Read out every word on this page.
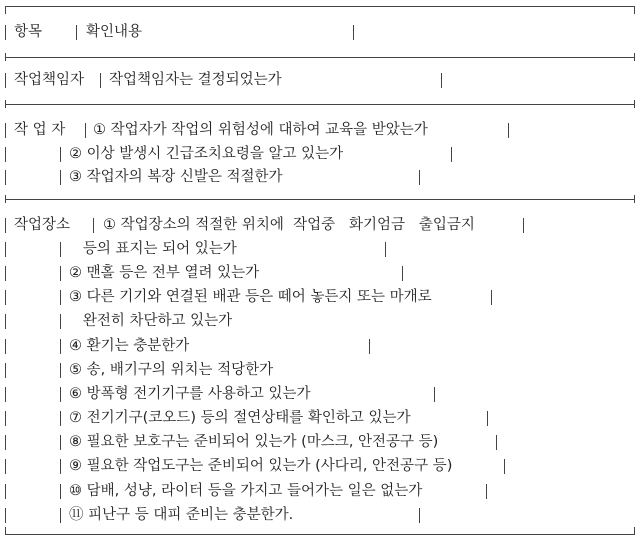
항목	확인내용
작업책임자 작업책임자는 결정되었는가
작 업 자 ① 작업자가 작업의 위험성에 대하여 교육을 받았는가
② 이상 발생시 긴급조치요령을 알고 있는가
③ 작업자의 복장 신발은 적절한가
작업장소 ① 작업장소의 적절한 위치에  작업중   화기엄금   출입금지
등의 표지는 되어 있는가
② 맨홀 등은 전부 열려 있는가
③ 다른 기기와 연결된 배관 등은 떼어 놓든지 또는 마개로
완전히 차단하고 있는가
④ 환기는 충분한가
⑤ 송, 배기구의 위치는 적당한가
⑥ 방폭형 전기기구를 사용하고 있는가
⑦ 전기기구(코오드) 등의 절연상태를 확인하고 있는가
⑧ 필요한 보호구는 준비되어 있는가 (마스크, 안전공구 등)
⑨ 필요한 작업도구는 준비되어 있는가 (사다리, 안전공구 등)
⑩ 담배, 성냥, 라이터 등을 가지고 들어가는 일은 없는가
⑪ 피난구 등 대피 준비는 충분한가.
